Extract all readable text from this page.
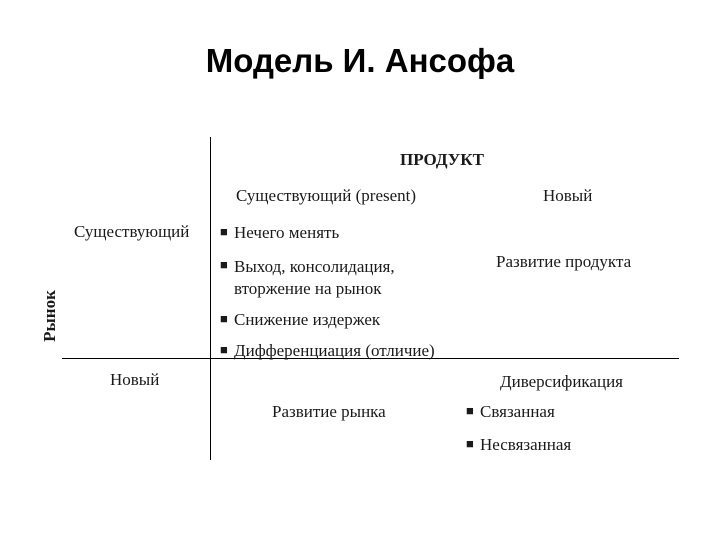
Модель И. Ансофа
ПРОДУКТ
Рынок
Существующий (present)	Новый
Существующий
Новый
■ Нечего менять
■ Выход, консолидация, вторжение на рынок
■ Снижение издержек
■ Дифференциация (отличие)
Развитие продукта
Развитие рынка
Диверсификация
■ Связанная
■ Несвязанная
